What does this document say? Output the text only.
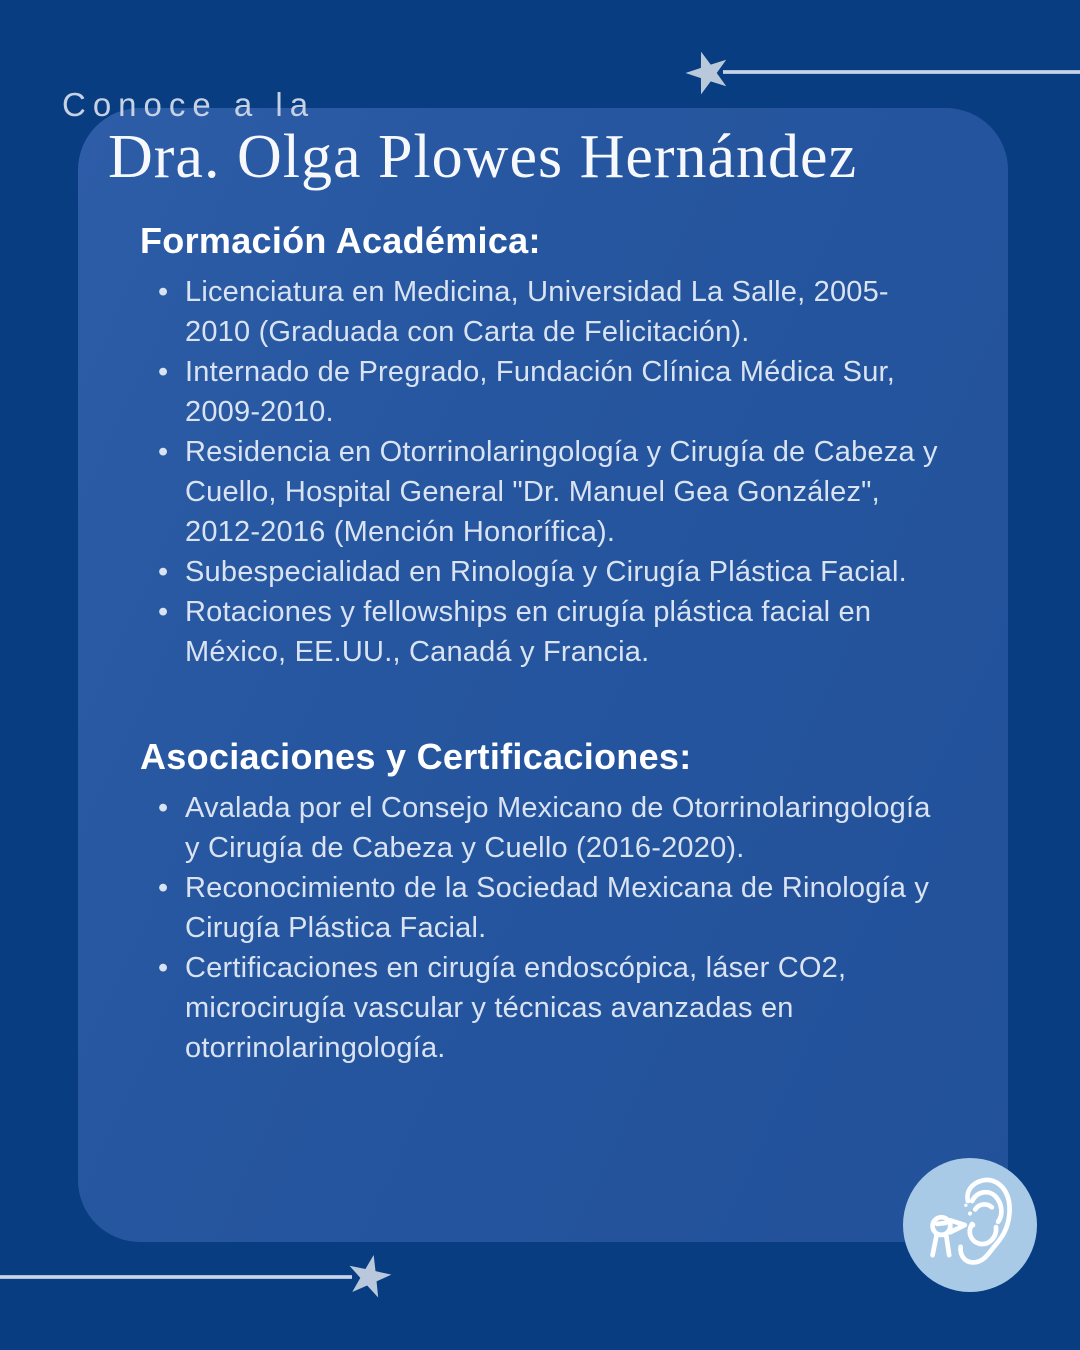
Conoce a la
Dra. Olga Plowes Hernández
Formación Académica:
• Licenciatura en Medicina, Universidad La Salle, 2005-2010 (Graduada con Carta de Felicitación).
• Internado de Pregrado, Fundación Clínica Médica Sur, 2009-2010.
• Residencia en Otorrinolaringología y Cirugía de Cabeza y Cuello, Hospital General "Dr. Manuel Gea González", 2012-2016 (Mención Honorífica).
• Subespecialidad en Rinología y Cirugía Plástica Facial.
• Rotaciones y fellowships en cirugía plástica facial en México, EE.UU., Canadá y Francia.
Asociaciones y Certificaciones:
• Avalada por el Consejo Mexicano de Otorrinolaringología y Cirugía de Cabeza y Cuello (2016-2020).
• Reconocimiento de la Sociedad Mexicana de Rinología y Cirugía Plástica Facial.
• Certificaciones en cirugía endoscópica, láser CO2, microcirugía vascular y técnicas avanzadas en otorrinolaringología.
